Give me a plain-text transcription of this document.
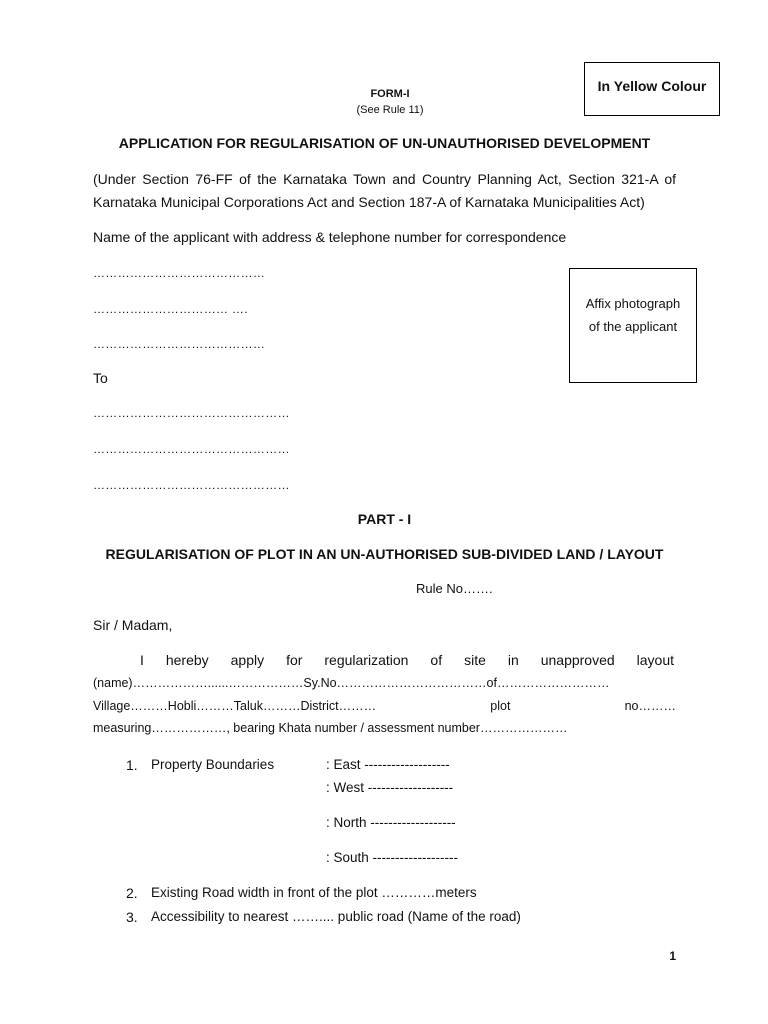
In Yellow Colour
FORM-I
(See Rule 11)
APPLICATION FOR REGULARISATION OF UN-UNAUTHORISED DEVELOPMENT
(Under Section 76-FF of the Karnataka Town and Country Planning Act, Section 321-A of
Karnataka Municipal Corporations Act and Section 187-A of Karnataka Municipalities Act)
Name of the applicant with address & telephone number for correspondence
……………………………………
…………………………… ….
……………………………………
Affix photograph
of the applicant
To
…………………………………………
…………………………………………
…………………………………………
PART - I
REGULARISATION OF PLOT IN AN UN-AUTHORISED SUB-DIVIDED LAND / LAYOUT
Rule No…….
Sir / Madam,
I hereby apply for regularization of site in unapproved layout
(name)………………......………………Sy.No………………………………of………………………
Village………Hobli………Taluk………District………	plot	no………
measuring………………, bearing Khata number / assessment number…………………
1. Property Boundaries	: East -------------------
: West -------------------
: North -------------------
: South -------------------
2. Existing Road width in front of the plot …………meters
3. Accessibility to nearest …….... public road (Name of the road)
1
